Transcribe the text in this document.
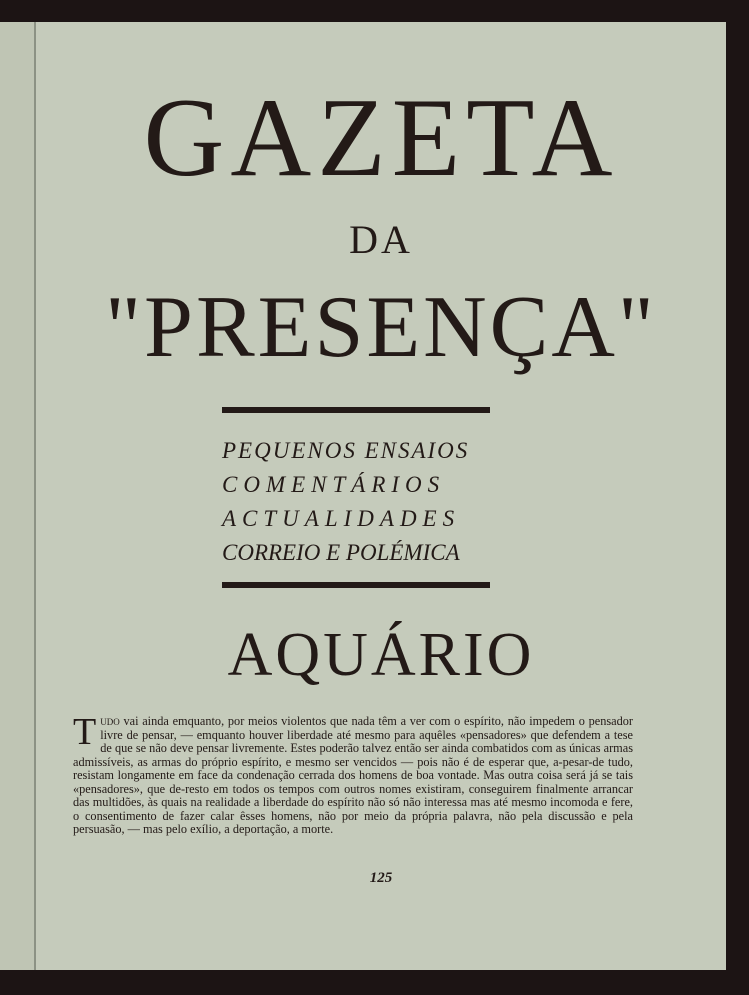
GAZETA
DA
"PRESENÇA"
PEQUENOS ENSAIOS
COMENTÁRIOS
ACTUALIDADES
CORREIO E POLÉMICA
AQUÁRIO

Tudo vai ainda emquanto, por meios violentos que nada têm a ver com o espírito, não impedem o pensador livre de pensar, — emquanto houver liberdade até mesmo para aquêles «pensadores» que defendem a tese de que se não deve pensar livremente. Estes poderão talvez então ser ainda combatidos com as únicas armas admissíveis, as armas do próprio espírito, e mesmo ser vencidos — pois não é de esperar que, a-pesar-de tudo, resistam longamente em face da condenação cerrada dos homens de boa vontade. Mas outra coisa será já se tais «pensadores», que de-resto em todos os tempos com outros nomes existiram, conseguirem finalmente arrancar das multidões, às quais na realidade a liberdade do espírito não só não interessa mas até mesmo incomoda e fere, o consentimento de fazer calar êsses homens, não por meio da própria palavra, não pela discussão e pela persuasão, — mas pelo exílio, a deportação, a morte.

125
